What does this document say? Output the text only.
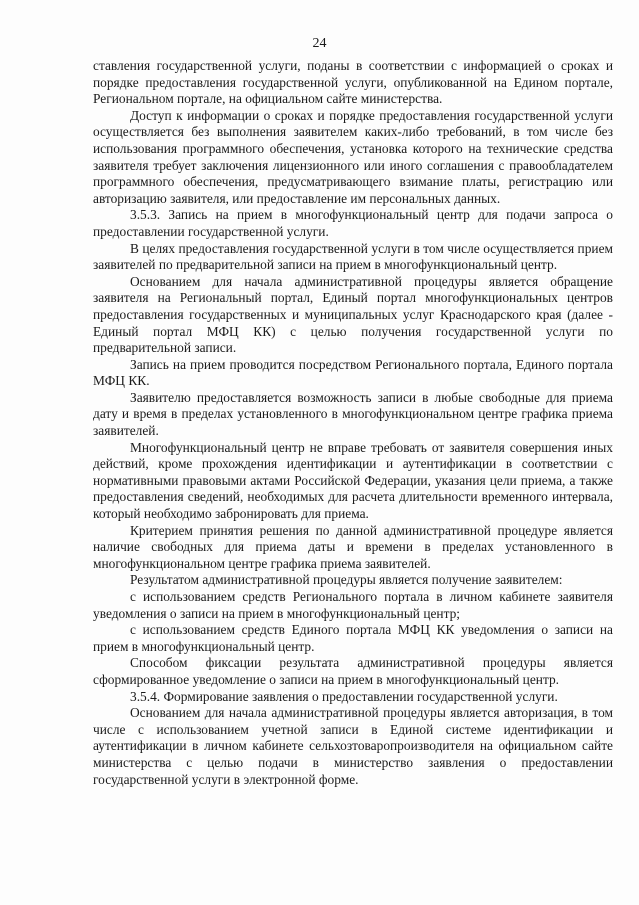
24

ставления государственной услуги, поданы в соответствии с информацией о сроках и порядке предоставления государственной услуги, опубликованной на Едином портале, Региональном портале, на официальном сайте министерства.

Доступ к информации о сроках и порядке предоставления государственной услуги осуществляется без выполнения заявителем каких-либо требований, в том числе без использования программного обеспечения, установка которого на технические средства заявителя требует заключения лицензионного или иного соглашения с правообладателем программного обеспечения, предусматривающего взимание платы, регистрацию или авторизацию заявителя, или предоставление им персональных данных.

3.5.3. Запись на прием в многофункциональный центр для подачи запроса о предоставлении государственной услуги.

В целях предоставления государственной услуги в том числе осуществляется прием заявителей по предварительной записи на прием в многофункциональный центр.

Основанием для начала административной процедуры является обращение заявителя на Региональный портал, Единый портал многофункциональных центров предоставления государственных и муниципальных услуг Краснодарского края (далее - Единый портал МФЦ КК) с целью получения государственной услуги по предварительной записи.

Запись на прием проводится посредством Регионального портала, Единого портала МФЦ КК.

Заявителю предоставляется возможность записи в любые свободные для приема дату и время в пределах установленного в многофункциональном центре графика приема заявителей.

Многофункциональный центр не вправе требовать от заявителя совершения иных действий, кроме прохождения идентификации и аутентификации в соответствии с нормативными правовыми актами Российской Федерации, указания цели приема, а также предоставления сведений, необходимых для расчета длительности временного интервала, который необходимо забронировать для приема.

Критерием принятия решения по данной административной процедуре является наличие свободных для приема даты и времени в пределах установленного в многофункциональном центре графика приема заявителей.

Результатом административной процедуры является получение заявителем:

с использованием средств Регионального портала в личном кабинете заявителя уведомления о записи на прием в многофункциональный центр;

с использованием средств Единого портала МФЦ КК уведомления о записи на прием в многофункциональный центр.

Способом фиксации результата административной процедуры является сформированное уведомление о записи на прием в многофункциональный центр.

3.5.4. Формирование заявления о предоставлении государственной услуги.

Основанием для начала административной процедуры является авторизация, в том числе с использованием учетной записи в Единой системе идентификации и аутентификации в личном кабинете сельхозтоваропроизводителя на официальном сайте министерства с целью подачи в министерство заявления о предоставлении государственной услуги в электронной форме.
